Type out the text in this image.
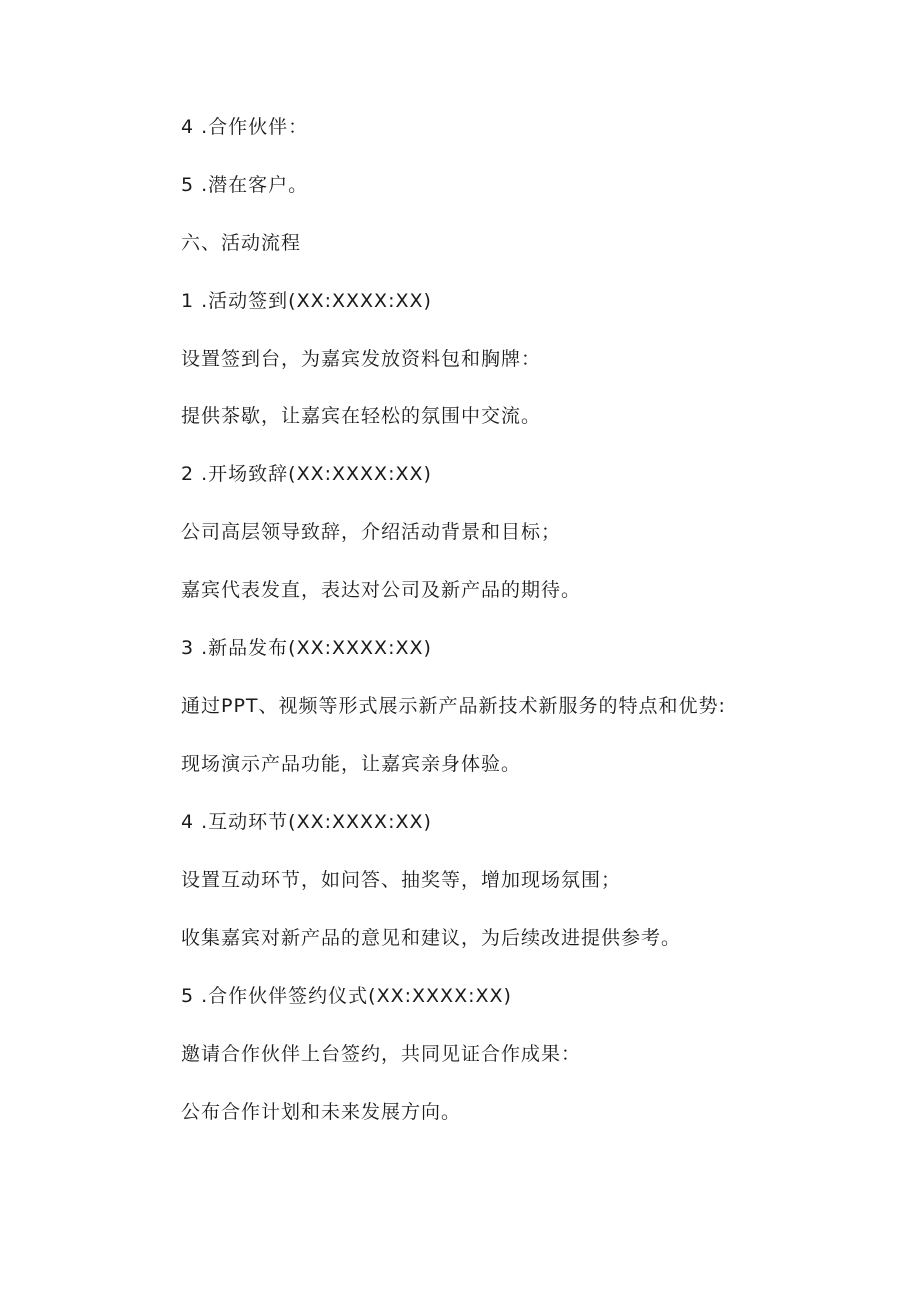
4 .合作伙伴：
5 .潜在客户。
六、活动流程
1 .活动签到(XX:XXXX:XX)
设置签到台，为嘉宾发放资料包和胸牌：
提供茶歇，让嘉宾在轻松的氛围中交流。
2 .开场致辞(XX:XXXX:XX)
公司高层领导致辞，介绍活动背景和目标；
嘉宾代表发直，表达对公司及新产品的期待。
3 .新品发布(XX:XXXX:XX)
通过PPT、视频等形式展示新产品新技术新服务的特点和优势:
现场演示产品功能，让嘉宾亲身体验。
4 .互动环节(XX:XXXX:XX)
设置互动环节，如问答、抽奖等，增加现场氛围；
收集嘉宾对新产品的意见和建议，为后续改进提供参考。
5 .合作伙伴签约仪式(XX:XXXX:XX)
邀请合作伙伴上台签约，共同见证合作成果：
公布合作计划和未来发展方向。
